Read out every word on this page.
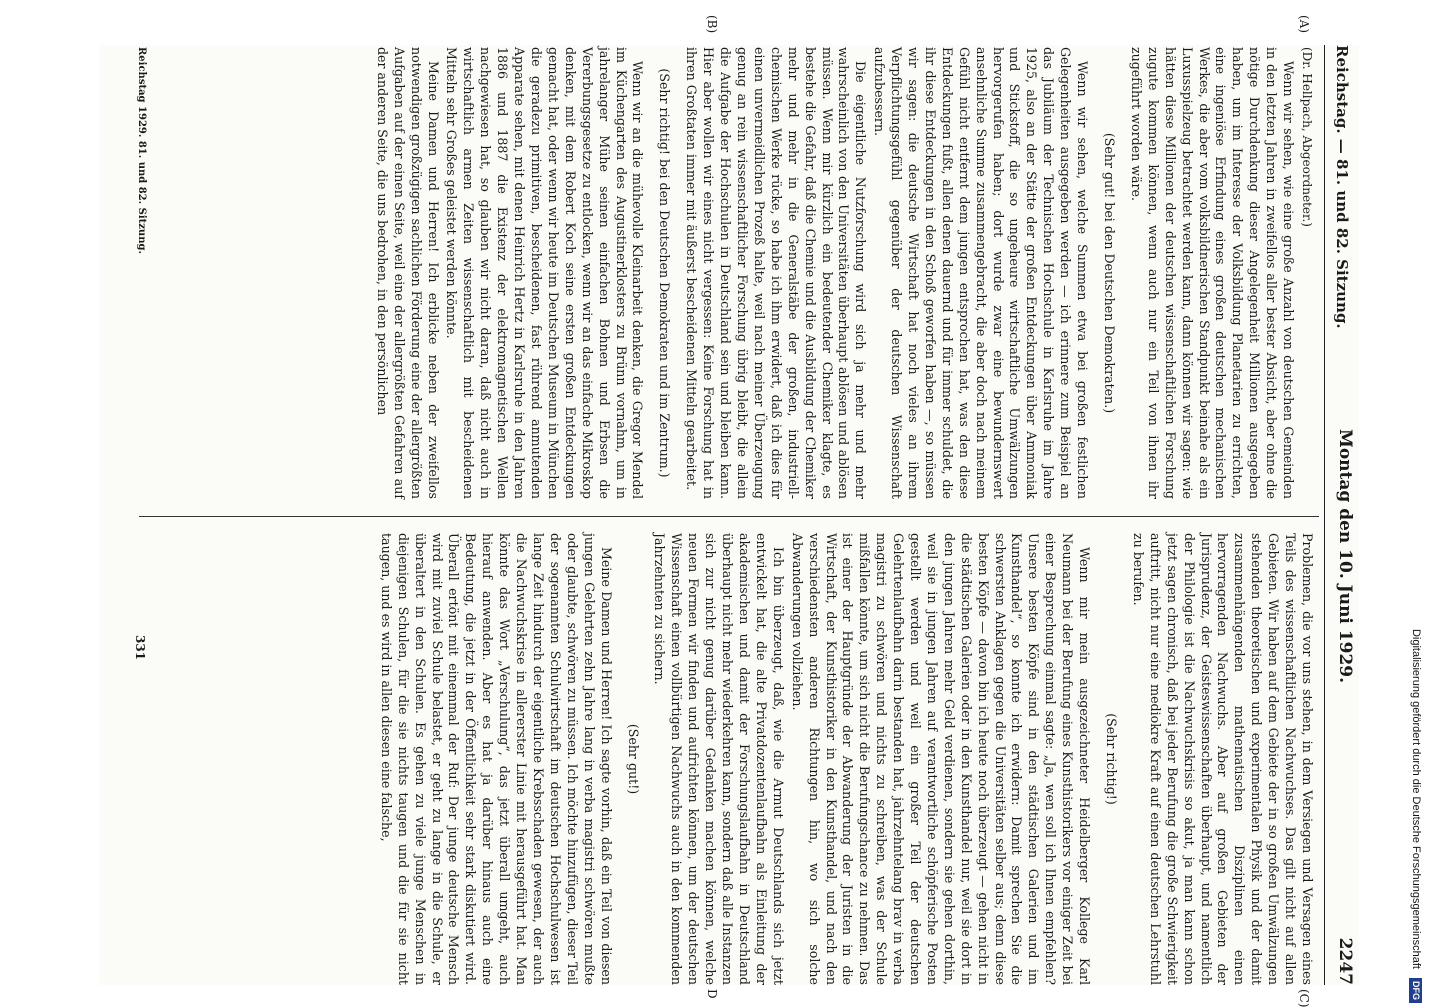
Reichstag. — 81. und 82. Sitzung.
Montag den 10. Juni 1929.
2247
(A)
(B)
(C)
D

(Dr. Hellpach, Abgeordneter.)

Wenn wir sehen, wie eine große Anzahl von deutschen Gemeinden in den letzten Jahren in zweifellos aller bester Absicht, aber ohne die nötige Durchdenkung dieser Angelegenheit Millionen ausgegeben haben, um im Interesse der Volksbildung Planetarien zu errichten, eine ingeniöse Erfindung eines großen deutschen mechanischen Werkes, die aber vom volksbildnerischen Standpunkt beinahe als ein Luxusspielzeug betrachtet werden kann, dann können wir sagen: wie hätten diese Millionen der deutschen wissenschaftlichen Forschung zugute kommen können, wenn auch nur ein Teil von ihnen ihr zugeführt worden wäre.

(Sehr gut! bei den Deutschen Demokraten.)

Wenn wir sehen, welche Summen etwa bei großen festlichen Gelegenheiten ausgegeben werden — ich erinnere zum Beispiel an das Jubiläum der Technischen Hochschule in Karlsruhe im Jahre 1925, also an der Stätte der großen Entdeckungen über Ammoniak und Stickstoff, die so ungeheure wirtschaftliche Umwälzungen hervorgerufen haben; dort wurde zwar eine bewundernswert ansehnliche Summe zusammengebracht, die aber doch nach meinem Gefühl nicht entfernt dem jungen entsprochen hat, was den diese Entdeckungen fußt, allen denen dauernd und für immer schuldet, die ihr diese Entdeckungen in den Schoß geworfen haben —, so müssen wir sagen: die deutsche Wirtschaft hat noch vieles an ihrem Verpflichtungsgefühl gegenüber der deutschen Wissenschaft aufzubessern.

Die eigentliche Nutzforschung wird sich ja mehr und mehr wahrscheinlich von den Universitäten überhaupt ablösen und ablösen müssen. Wenn mir kürzlich ein bedeutender Chemiker klagte, es bestehe die Gefahr, daß die Chemie und die Ausbildung der Chemiker mehr und mehr in die Generalstäbe der großen, industriell-chemischen Werke rücke, so habe ich ihm erwidert, daß ich dies für einen unvermeidlichen Prozeß halte, weil nach meiner Überzeugung genug an rein wissenschaftlicher Forschung übrig bleibt, die allein die Aufgabe der Hochschulen in Deutschland sein und bleiben kann. Hier aber wollen wir eines nicht vergessen: Keine Forschung hat in ihren Großtaten immer mit äußerst bescheidenen Mitteln gearbeitet.

(Sehr richtig! bei den Deutschen Demokraten und im Zentrum.)

Wenn wir an die mühevolle Kleinarbeit denken, die Gregor Mendel im Küchengarten des Augustinerklosters zu Brünn vornahm, um in jahrelanger Mühe seinen einfachen Bohnen und Erbsen die Vererbungsgesetze zu entlocken, wenn wir an das einfache Mikroskop denken, mit dem Robert Koch seine ersten großen Entdeckungen gemacht hat, oder wenn wir heute im Deutschen Museum in München die geradezu primitiven, bescheidenen, fast rührend anmutenden Apparate sehen, mit denen Heinrich Hertz in Karlsruhe in den Jahren 1886 und 1887 die Existenz der elektromagnetischen Wellen nachgewiesen hat, so glauben wir nicht daran, daß nicht auch in wirtschaftlich armen Zeiten wissenschaftlich mit bescheidenen Mitteln sehr Großes geleistet werden könnte.

Meine Damen und Herren! Ich erblicke neben der zweifellos notwendigen großzügigen sachlichen Förderung eine der allergrößten Aufgaben auf der einen Seite, weil eine der allergrößten Gefahren auf der anderen Seite, die uns bedrohen, in den persönlichen

Problemen, die vor uns stehen, in dem Versiegen und Versagen eines Teils des wissenschaftlichen Nachwuchses. Das gilt nicht auf allen Gebieten. Wir haben auf dem Gebiete der in so großen Umwälzungen stehenden theoretischen und experimentalen Physik und der damit zusammenhängenden mathematischen Disziplinen einen hervorragenden Nachwuchs. Aber auf großen Gebieten der Jurisprudenz, der Geisteswissenschaften überhaupt, und namentlich der Philologie ist die Nachwuchskrisis so akut, ja man kann schon jetzt sagen chronisch, daß bei jeder Berufung die große Schwierigkeit auftritt, nicht nur eine mediokre Kraft auf einen deutschen Lehrstuhl zu berufen.

(Sehr richtig!)

Wenn mir mein ausgezeichneter Heidelberger Kollege Karl Neumann bei der Berufung eines Kunsthistorikers vor einiger Zeit bei einer Besprechung einmal sagte: „Ja, wen soll ich Ihnen empfehlen? Unsere besten Köpfe sind in den städtischen Galerien und im Kunsthandel“, so konnte ich erwidern: Damit sprechen Sie die schwersten Anklagen gegen die Universitäten selber aus; denn diese besten Köpfe — davon bin ich heute noch überzeugt — gehen nicht in die städtischen Galerien oder in den Kunsthandel nur, weil sie dort in den jungen Jahren mehr Geld verdienen, sondern sie gehen dorthin, weil sie in jungen Jahren auf verantwortliche schöpferische Posten gestellt werden und weil ein großer Teil der deutschen Gelehrtenlaufbahn darin bestanden hat, jahrzehntelang brav in verba magistri zu schwören und nichts zu schreiben, was der Schule mißfallen könnte, um sich nicht die Berufungschance zu nehmen. Das ist einer der Hauptgründe der Abwanderung der Juristen in die Wirtschaft, der Kunsthistoriker in den Kunsthandel, und nach den verschiedensten anderen Richtungen hin, wo sich solche Abwanderungen vollziehen.

Ich bin überzeugt, daß, wie die Armut Deutschlands sich jetzt entwickelt hat, die alte Privatdozentenlaufbahn als Einleitung der akademischen und damit der Forschungslaufbahn in Deutschland überhaupt nicht mehr wiederkehren kann, sondern daß alle Instanzen sich zur nicht genug darüber Gedanken machen können, welche neuen Formen wir finden und aufrichten können, um der deutschen Wissenschaft einen vollbürtigen Nachwuchs auch in den kommenden Jahrzehnten zu sichern.

(Sehr gut!)

Meine Damen und Herren! Ich sagte vorhin, daß ein Teil von diesen jungen Gelehrten zehn Jahre lang in verba magistri schwören mußte oder glaubte, schwören zu müssen. Ich möchte hinzufügen, dieser Teil der sogenannten Schulwirtschaft im deutschen Hochschulwesen ist lange Zeit hindurch der eigentliche Krebsschaden gewesen, der auch die Nachwuchskrise in allererster Linie mit herausgeführt hat. Man könnte das Wort „Verschulung“, das jetzt überall umgeht, auch hierauf anwenden. Aber es hat ja darüber hinaus auch eine Bedeutung, die jetzt in der Öffentlichkeit sehr stark diskutiert wird. Überall ertönt mit einemmal der Ruf: Der junge deutsche Mensch wird mit zuviel Schule belastet, er geht zu lange in die Schule, er überaltert in den Schulen. Es gehen zu viele junge Menschen in diejenigen Schulen, für die sie nichts taugen und die für sie nicht taugen, und es wird in allen diesen eine falsche,

Reichstag 1929. 81. und 82. Sitzung.
331	Digitalisierung gefördert durch die Deutsche Forschungsgemeinschaft DFG
